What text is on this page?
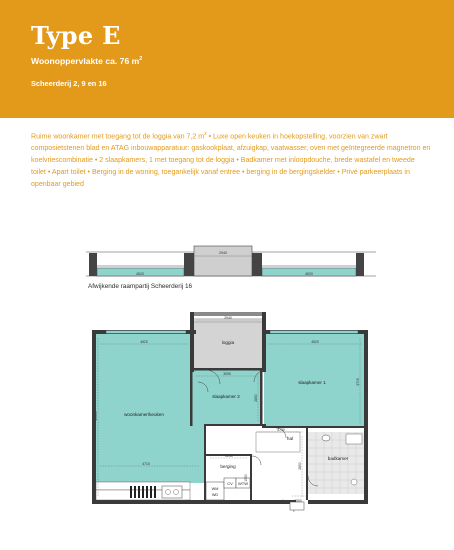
Type E
Woonoppervlakte ca. 76 $m^2$
Scheerderij 2, 9 en 16
Ruime woonkamer met toegang tot de loggia van 7,2 $m^2$ • Luxe open keuken in hoekopstelling, voorzien van zwart composietstenen blad en ATAG inbouwapparatuur: gaskookplaat, afzuigkap, vaatwasser, oven met geïntegreerde magnetron en koelvriescombinatie • 2 slaapkamers, 1 met toegang tot de loggia • Badkamer met inloopdouche, brede wastafel en tweede toilet • Apart toilet • Berging in de woning, toegankelijk vanaf entree • berging in de bergingskelder • Privé parkeerplaats in openbaar gebied
2940
4520	4520
Afwijkende raampartij Scheerderij 16
loggia
woonkamer/keuken
slaapkamer 1
slaapkamer 2
hal
berging
badkamer
CV WTW
WM
WD
2940
4520	4520
3090
4710
4730
2230
1550
10500
3705
2850
1550
2850
